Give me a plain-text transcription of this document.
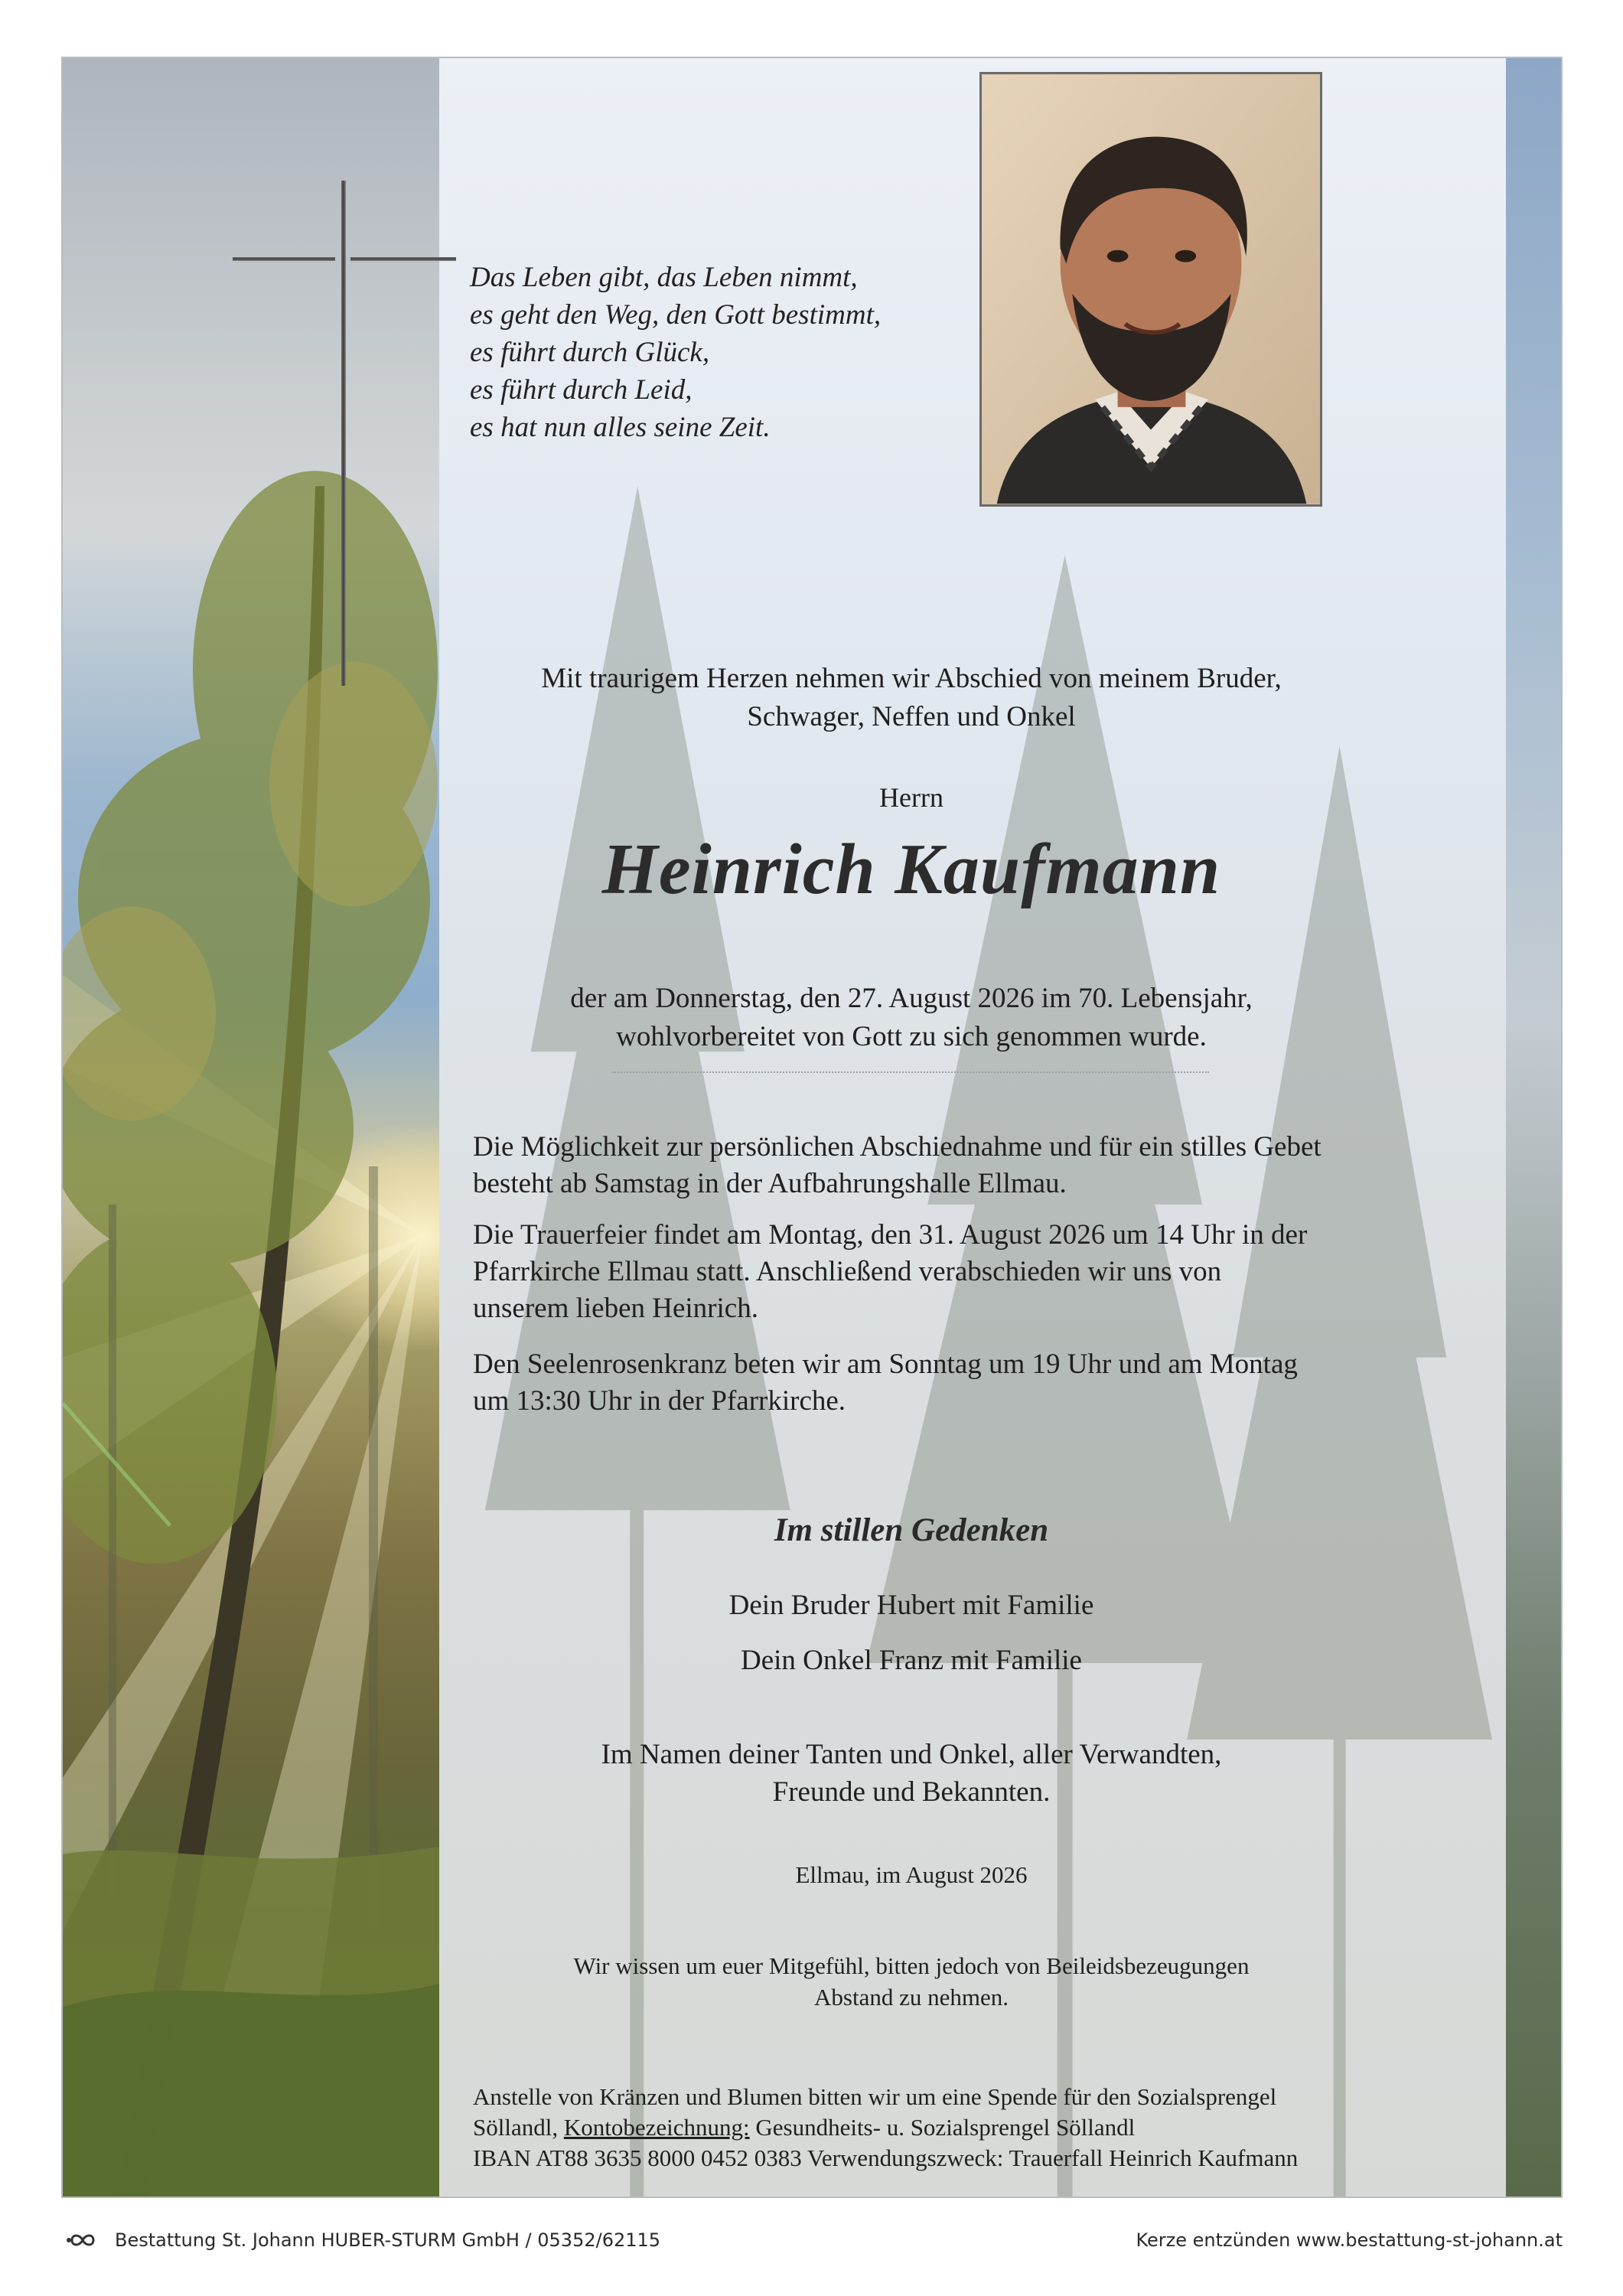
Das Leben gibt, das Leben nimmt,
es geht den Weg, den Gott bestimmt,
es führt durch Glück,
es führt durch Leid,
es hat nun alles seine Zeit.
Mit traurigem Herzen nehmen wir Abschied von meinem Bruder,
Schwager, Neffen und Onkel
Herrn
Heinrich Kaufmann
der am Donnerstag, den 27. August 2026 im 70. Lebensjahr,
wohlvorbereitet von Gott zu sich genommen wurde.
Die Möglichkeit zur persönlichen Abschiednahme und für ein stilles Gebet
besteht ab Samstag in der Aufbahrungshalle Ellmau.
Die Trauerfeier findet am Montag, den 31. August 2026 um 14 Uhr in der
Pfarrkirche Ellmau statt. Anschließend verabschieden wir uns von
unserem lieben Heinrich.
Den Seelenrosenkranz beten wir am Sonntag um 19 Uhr und am Montag
um 13:30 Uhr in der Pfarrkirche.
Im stillen Gedenken
Dein Bruder Hubert mit Familie
Dein Onkel Franz mit Familie
Im Namen deiner Tanten und Onkel, aller Verwandten,
Freunde und Bekannten.
Ellmau, im August 2026
Wir wissen um euer Mitgefühl, bitten jedoch von Beileidsbezeugungen
Abstand zu nehmen.
Anstelle von Kränzen und Blumen bitten wir um eine Spende für den Sozialsprengel
Söllandl, Kontobezeichnung: Gesundheits- u. Sozialsprengel Söllandl
IBAN AT88 3635 8000 0452 0383 Verwendungszweck: Trauerfall Heinrich Kaufmann
Bestattung St. Johann HUBER-STURM GmbH / 05352/62115	Kerze entzünden www.bestattung-st-johann.at
